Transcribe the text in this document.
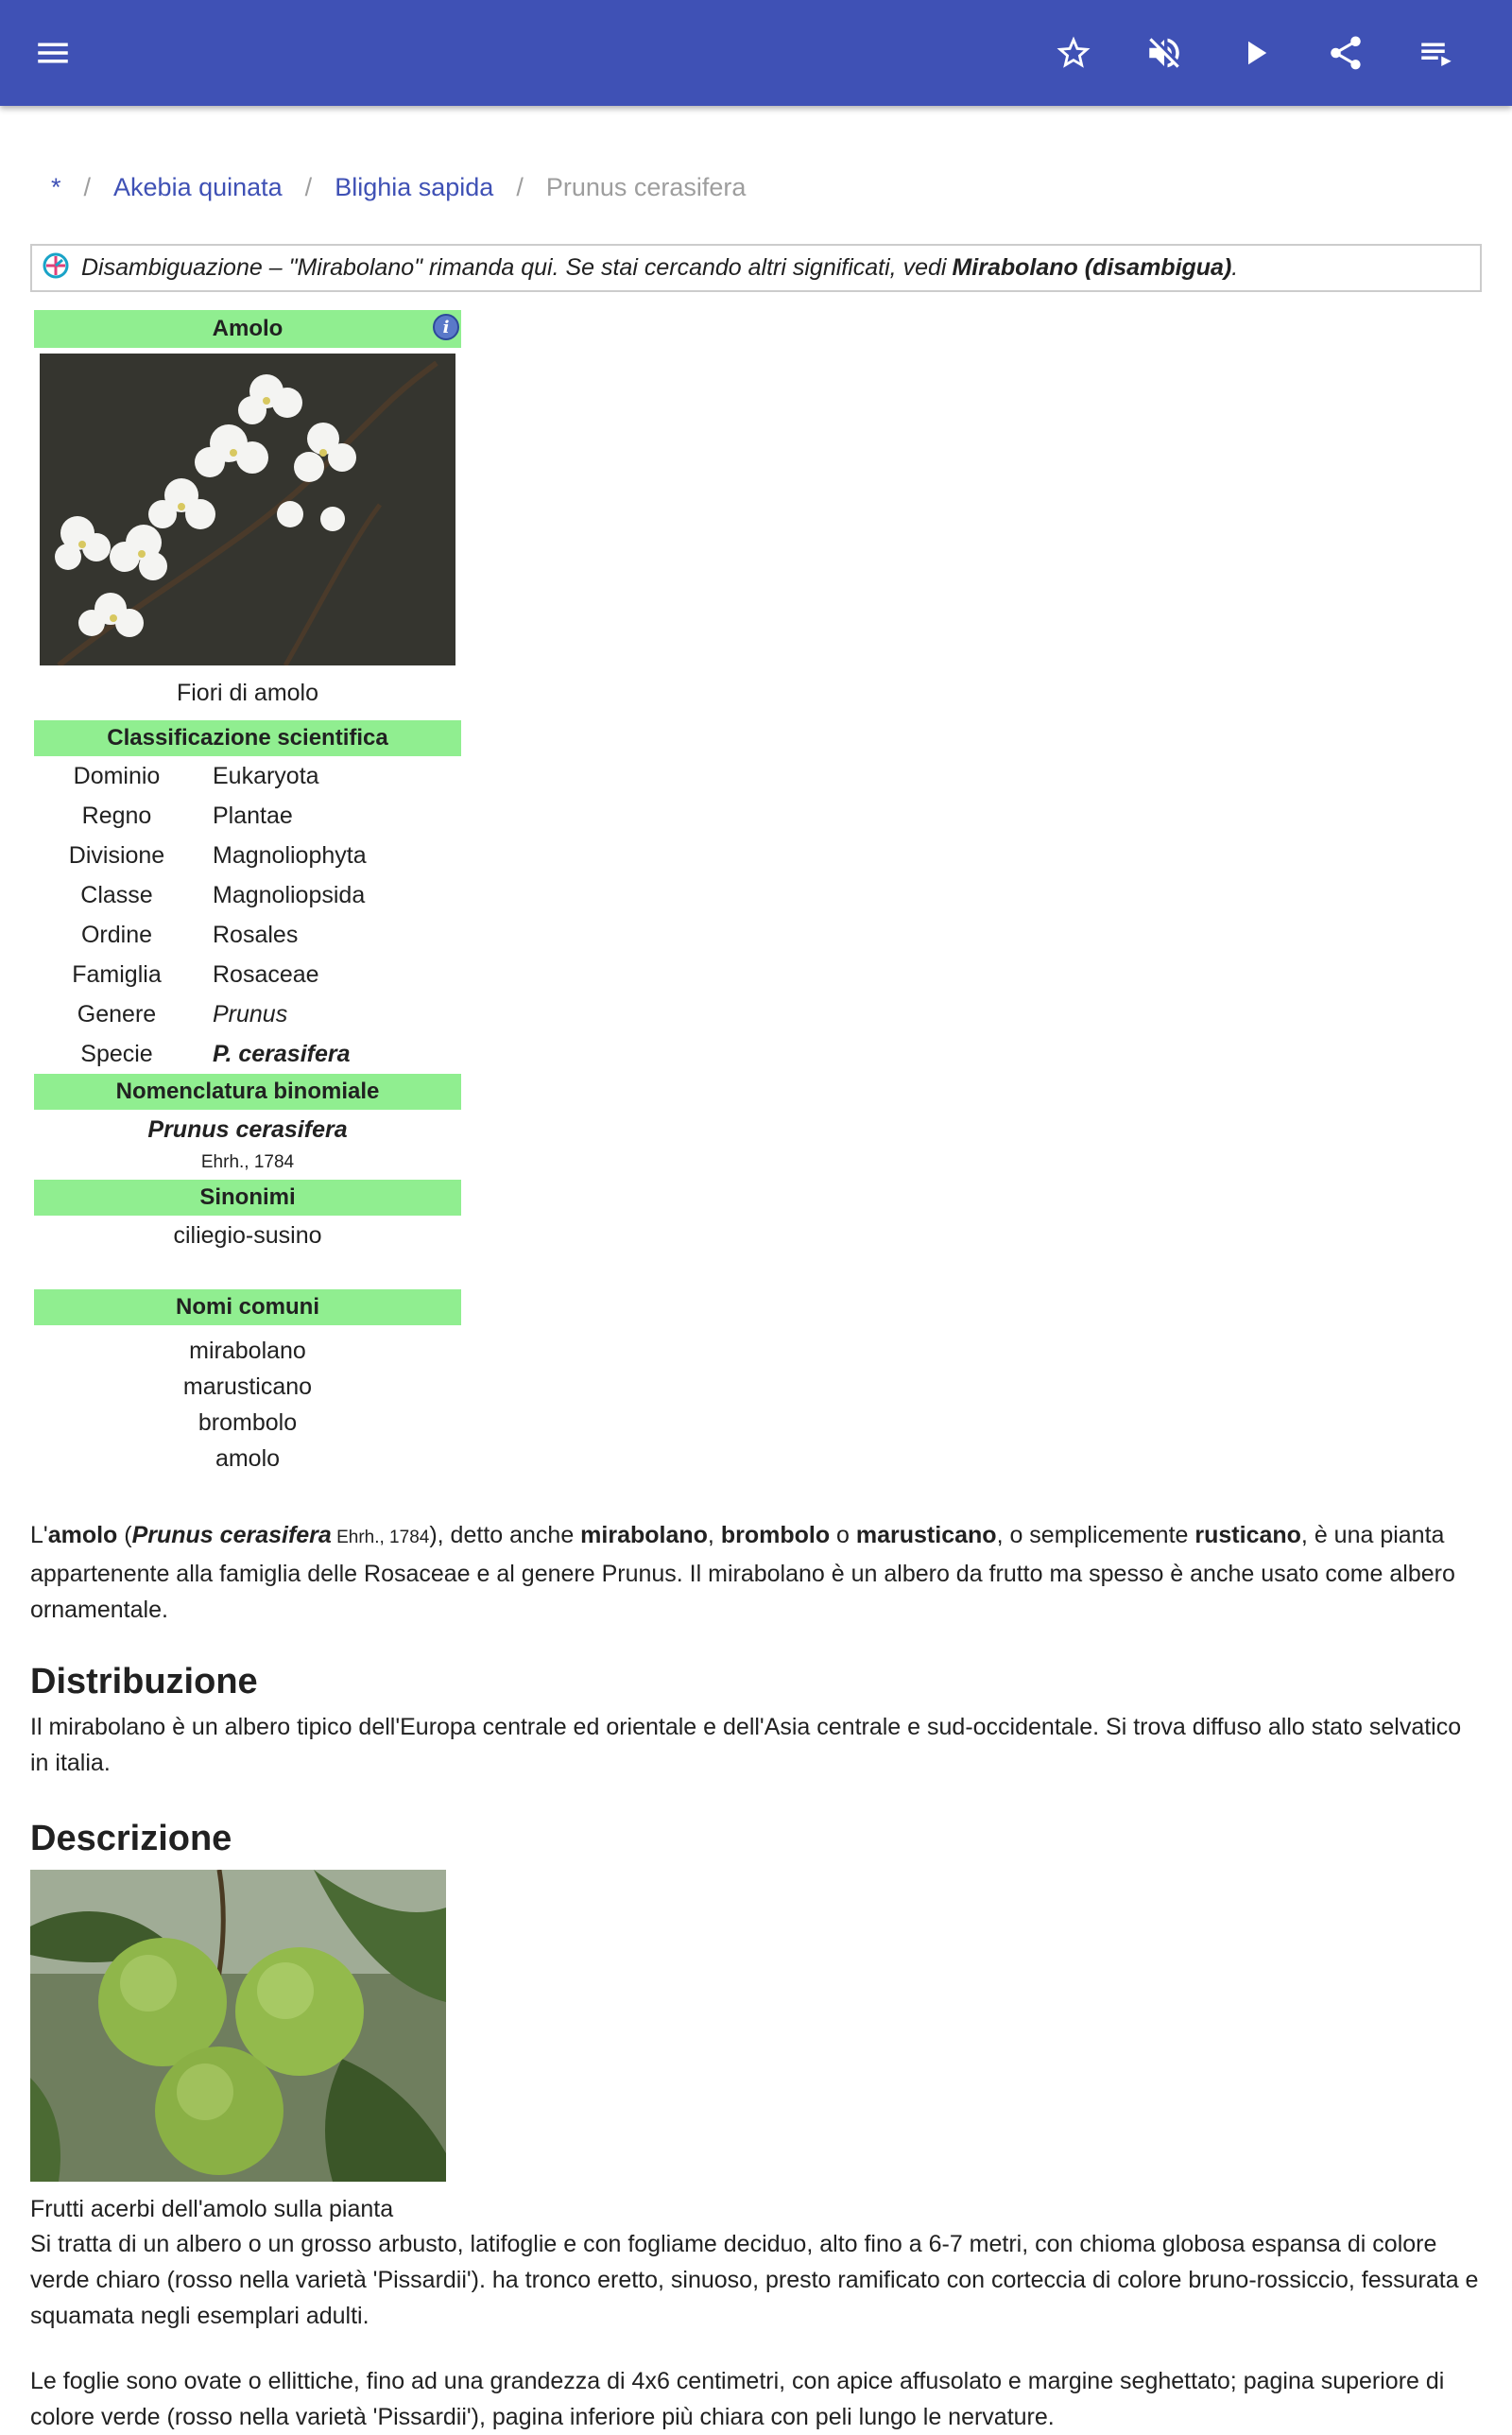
* / Akebia quinata / Blighia sapida / Prunus cerasifera
Disambiguazione – "Mirabolano" rimanda qui. Se stai cercando altri significati, vedi Mirabolano (disambigua) .
Amolo	i
Fiori di amolo
Classificazione scientifica
Dominio	Eukaryota
Regno	Plantae
Divisione	Magnoliophyta
Classe	Magnoliopsida
Ordine	Rosales
Famiglia	Rosaceae
Genere	Prunus
Specie	P. cerasifera
Nomenclatura binomiale
Prunus cerasifera
Ehrh., 1784
Sinonimi
ciliegio-susino
Nomi comuni
mirabolano
marusticano
brombolo
amolo
L'amolo (Prunus cerasifera Ehrh., 1784), detto anche mirabolano, brombolo o marusticano, o semplicemente rusticano, è una pianta appartenente alla famiglia delle Rosaceae e al genere Prunus. Il mirabolano è un albero da frutto ma spesso è anche usato come albero ornamentale.
Distribuzione
Il mirabolano è un albero tipico dell'Europa centrale ed orientale e dell'Asia centrale e sud-occidentale. Si trova diffuso allo stato selvatico in italia.
Descrizione
Frutti acerbi dell'amolo sulla pianta
Si tratta di un albero o un grosso arbusto, latifoglie e con fogliame deciduo, alto fino a 6-7 metri, con chioma globosa espansa di colore verde chiaro (rosso nella varietà 'Pissardii'). ha tronco eretto, sinuoso, presto ramificato con corteccia di colore bruno-rossiccio, fessurata e squamata negli esemplari adulti.
Le foglie sono ovate o ellittiche, fino ad una grandezza di 4x6 centimetri, con apice affusolato e margine seghettato; pagina superiore di colore verde (rosso nella varietà 'Pissardii'), pagina inferiore più chiara con peli lungo le nervature.
